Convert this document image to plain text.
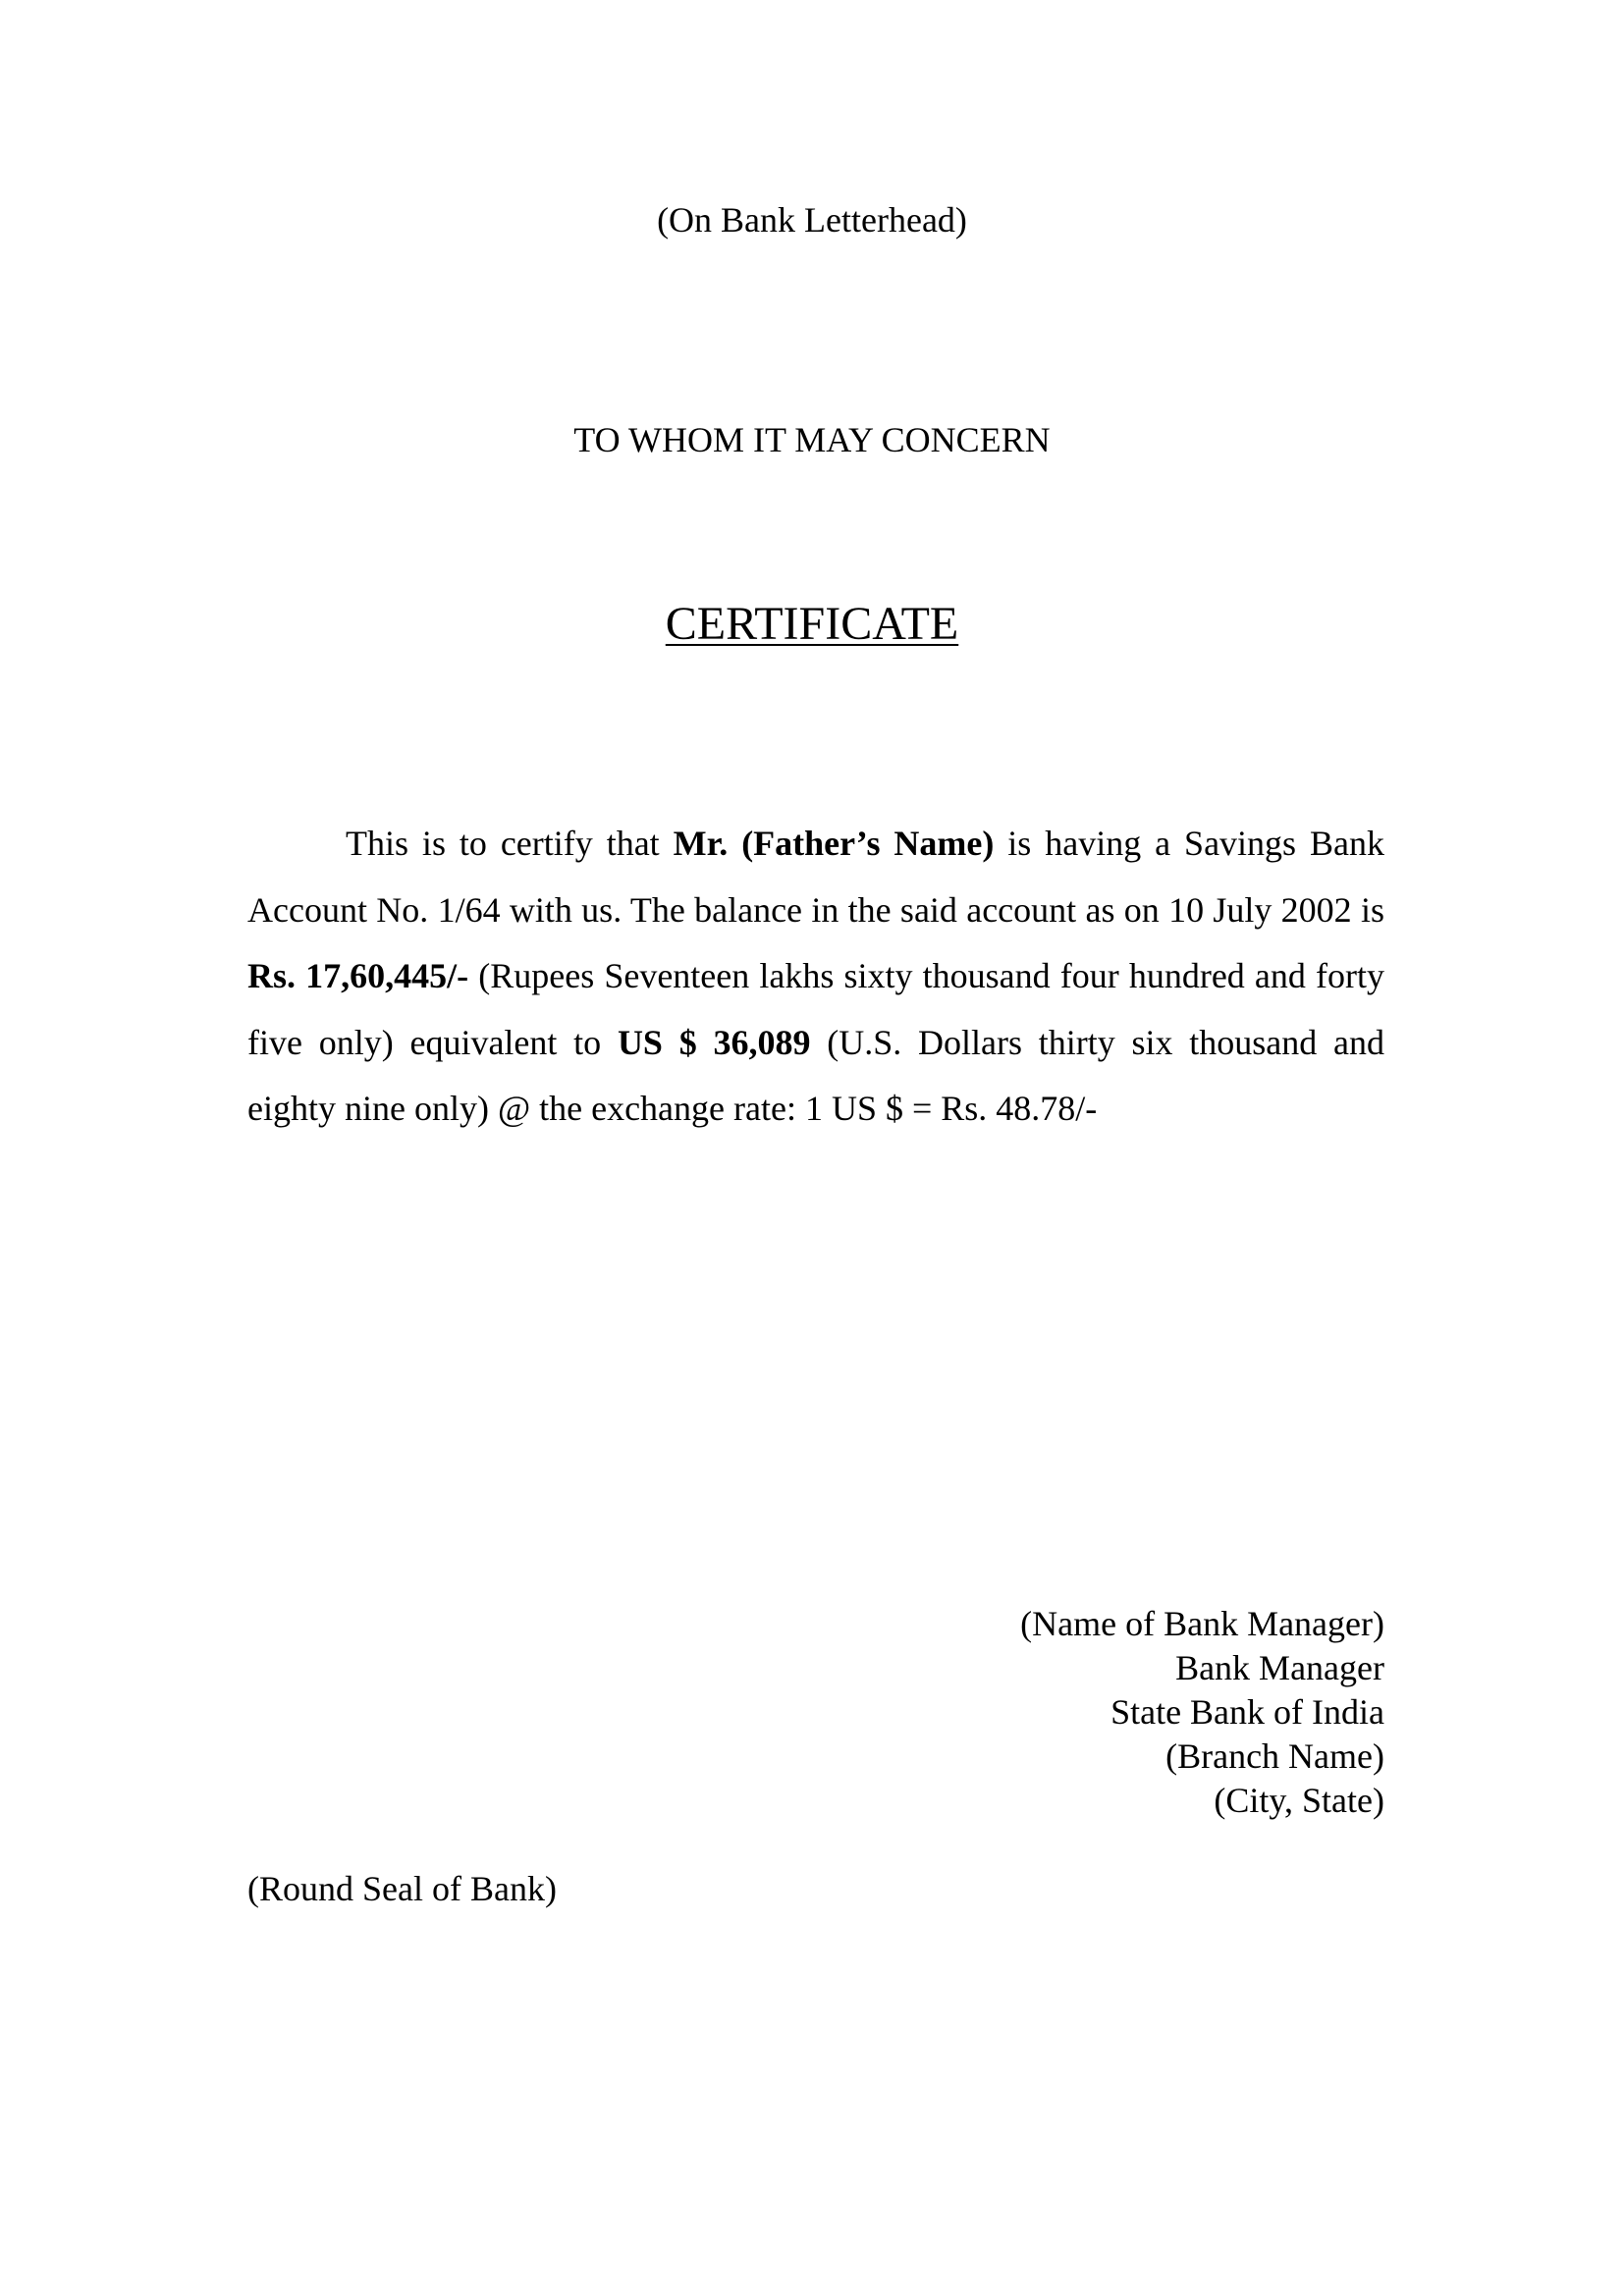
(On Bank Letterhead)
TO WHOM IT MAY CONCERN
CERTIFICATE

This is to certify that Mr. (Father’s Name) is having a Savings Bank Account No. 1/64 with us. The balance in the said account as on 10 July 2002 is Rs. 17,60,445/- (Rupees Seventeen lakhs sixty thousand four hundred and forty five only) equivalent to US $ 36,089 (U.S. Dollars thirty six thousand and eighty nine only) @ the exchange rate: 1 US $ = Rs. 48.78/-

(Name of Bank Manager)
Bank Manager
State Bank of India
(Branch Name)
(City, State)
(Round Seal of Bank)
